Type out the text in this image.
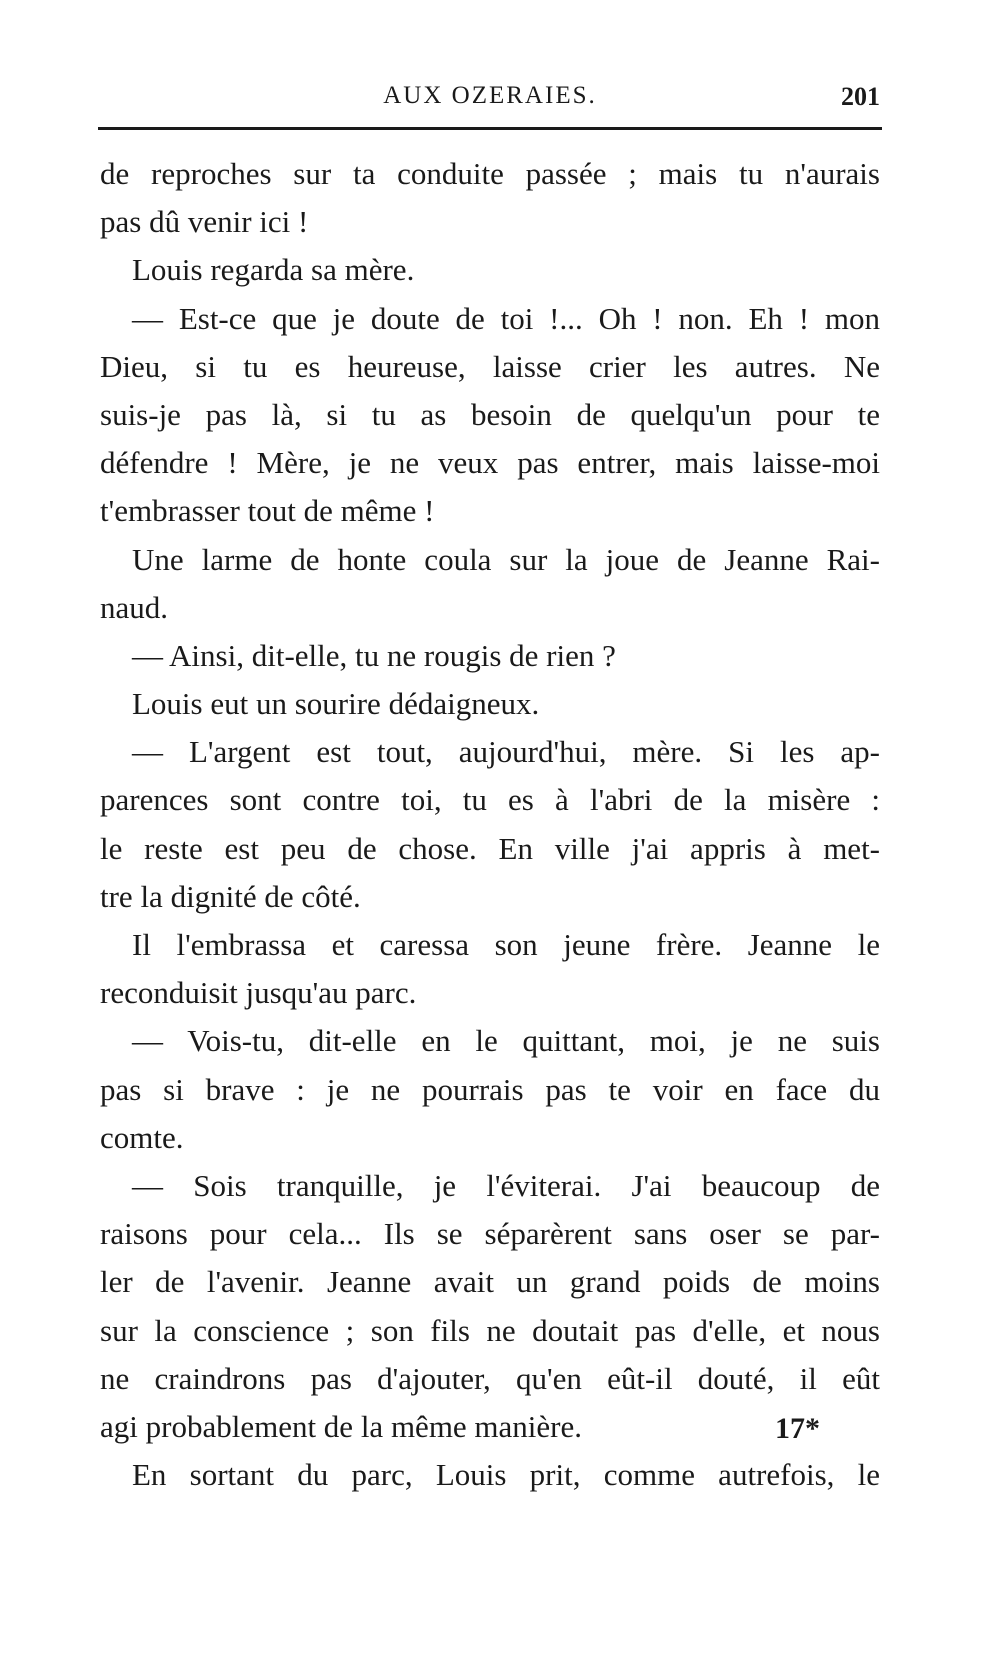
AUX OZERAIES.	201
de reproches sur ta conduite passée ; mais tu n'aurais
pas dû venir ici !
Louis regarda sa mère.
— Est-ce que je doute de toi !... Oh ! non. Eh ! mon
Dieu, si tu es heureuse, laisse crier les autres. Ne
suis-je pas là, si tu as besoin de quelqu'un pour te
défendre ! Mère, je ne veux pas entrer, mais laisse-moi
t'embrasser tout de même !
Une larme de honte coula sur la joue de Jeanne Rai-
naud.
— Ainsi, dit-elle, tu ne rougis de rien ?
Louis eut un sourire dédaigneux.
— L'argent est tout, aujourd'hui, mère. Si les ap-
parences sont contre toi, tu es à l'abri de la misère :
le reste est peu de chose. En ville j'ai appris à met-
tre la dignité de côté.
Il l'embrassa et caressa son jeune frère. Jeanne le
reconduisit jusqu'au parc.
— Vois-tu, dit-elle en le quittant, moi, je ne suis
pas si brave : je ne pourrais pas te voir en face du
comte.
— Sois tranquille, je l'éviterai. J'ai beaucoup de
raisons pour cela... Ils se séparèrent sans oser se par-
ler de l'avenir. Jeanne avait un grand poids de moins
sur la conscience ; son fils ne doutait pas d'elle, et nous
ne craindrons pas d'ajouter, qu'en eût-il douté, il eût
agi probablement de la même manière.
En sortant du parc, Louis prit, comme autrefois, le
17*
